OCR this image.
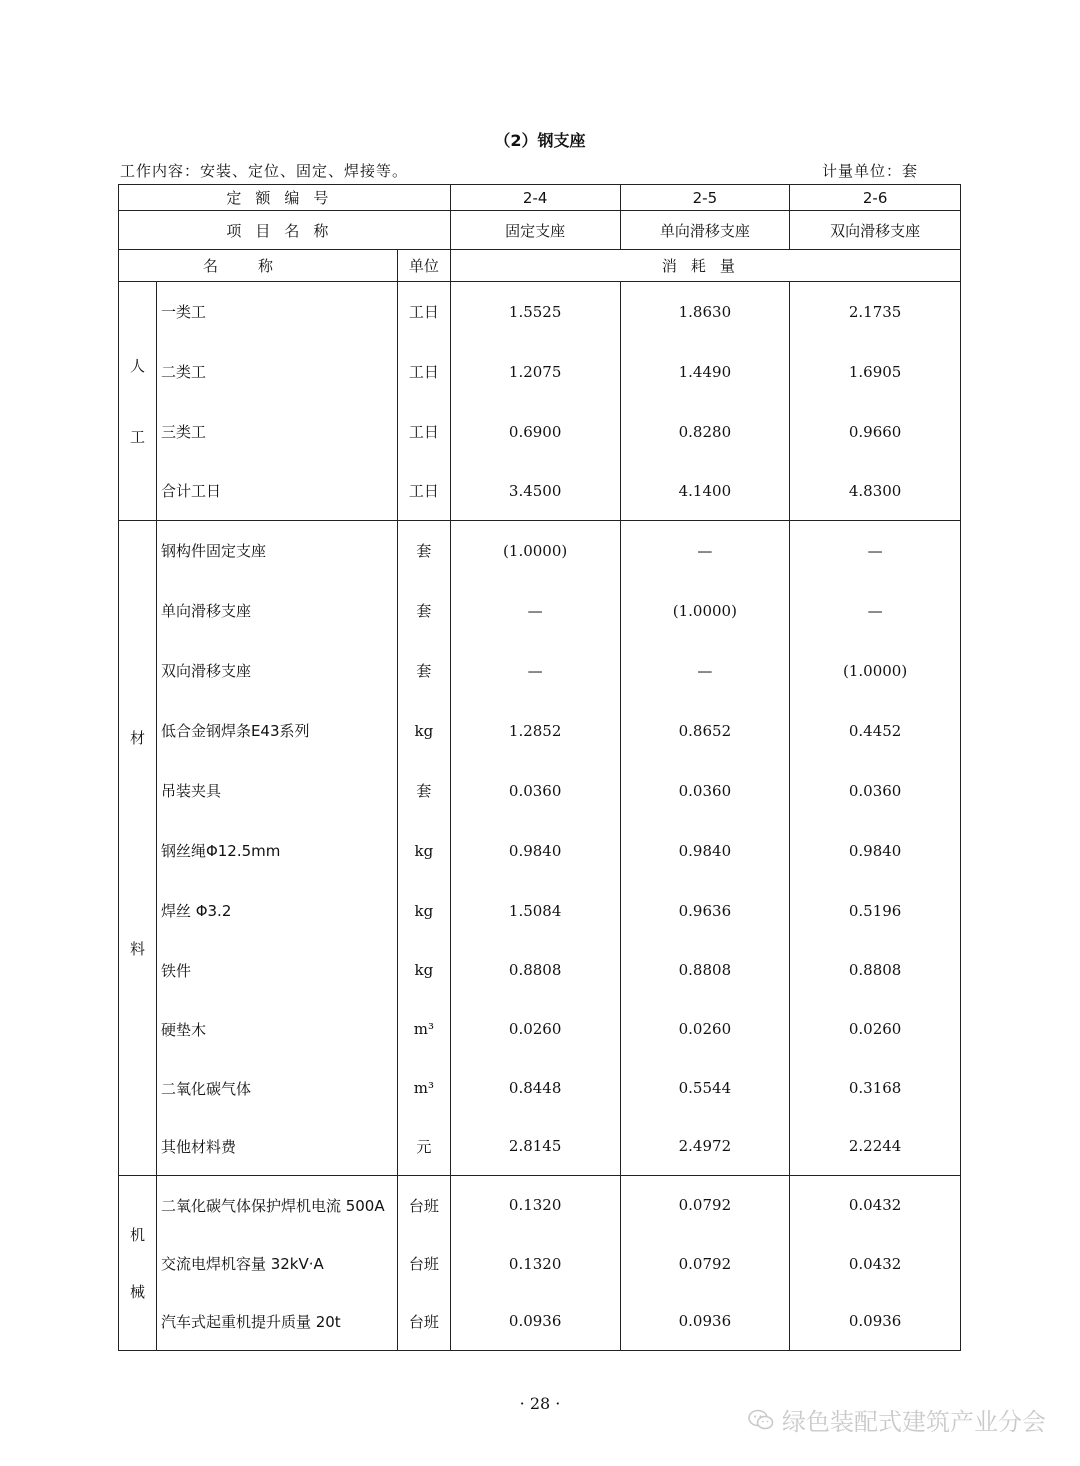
（2）钢支座
工作内容：安装、定位、固定、焊接等。	计量单位：套
定额编号			2-4	2-5	2-6
项目名称			固定支座	单向滑移支座	双向滑移支座
名称		单位	消耗量		

人
工	一类工	工日	1.5525	1.8630	2.1735
	二类工	工日	1.2075	1.4490	1.6905
	三类工	工日	0.6900	0.8280	0.9660
	合计工日	工日	3.4500	4.1400	4.8300

材
料	钢构件固定支座	套	(1.0000)	—	—
	单向滑移支座	套	—	(1.0000)	—
	双向滑移支座	套	—	—	(1.0000)
	低合金钢焊条E43系列	kg	1.2852	0.8652	0.4452
	吊装夹具	套	0.0360	0.0360	0.0360
	钢丝绳Φ12.5mm	kg	0.9840	0.9840	0.9840
	焊丝 Φ3.2	kg	1.5084	0.9636	0.5196
	铁件	kg	0.8808	0.8808	0.8808
	硬垫木	m³	0.0260	0.0260	0.0260
	二氧化碳气体	m³	0.8448	0.5544	0.3168
	其他材料费	元	2.8145	2.4972	2.2244

机
械	二氧化碳气体保护焊机电流 500A	台班	0.1320	0.0792	0.0432
	交流电焊机容量 32kV·A	台班	0.1320	0.0792	0.0432
	汽车式起重机提升质量 20t	台班	0.0936	0.0936	0.0936
· 28 ·
绿色装配式建筑产业分会
